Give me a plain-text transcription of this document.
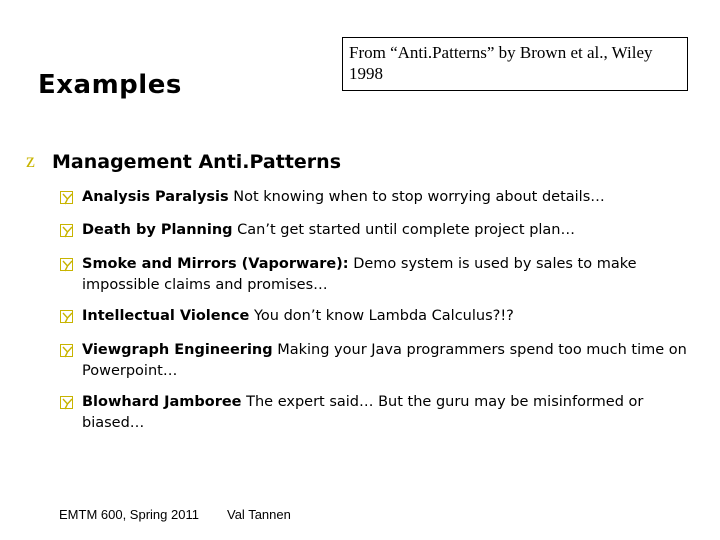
Examples
From “Anti.Patterns” by Brown et al., Wiley 1998
z Management Anti.Patterns
Analysis Paralysis Not knowing when to stop worrying about details…
Death by Planning Can’t get started until complete project plan…
Smoke and Mirrors (Vaporware): Demo system is used by sales to make impossible claims and promises…
Intellectual Violence You don’t know Lambda Calculus?!?
Viewgraph Engineering Making your Java programmers spend too much time on Powerpoint…
Blowhard Jamboree The expert said… But the guru may be misinformed or biased…
EMTM 600, Spring 2011 Val Tannen
